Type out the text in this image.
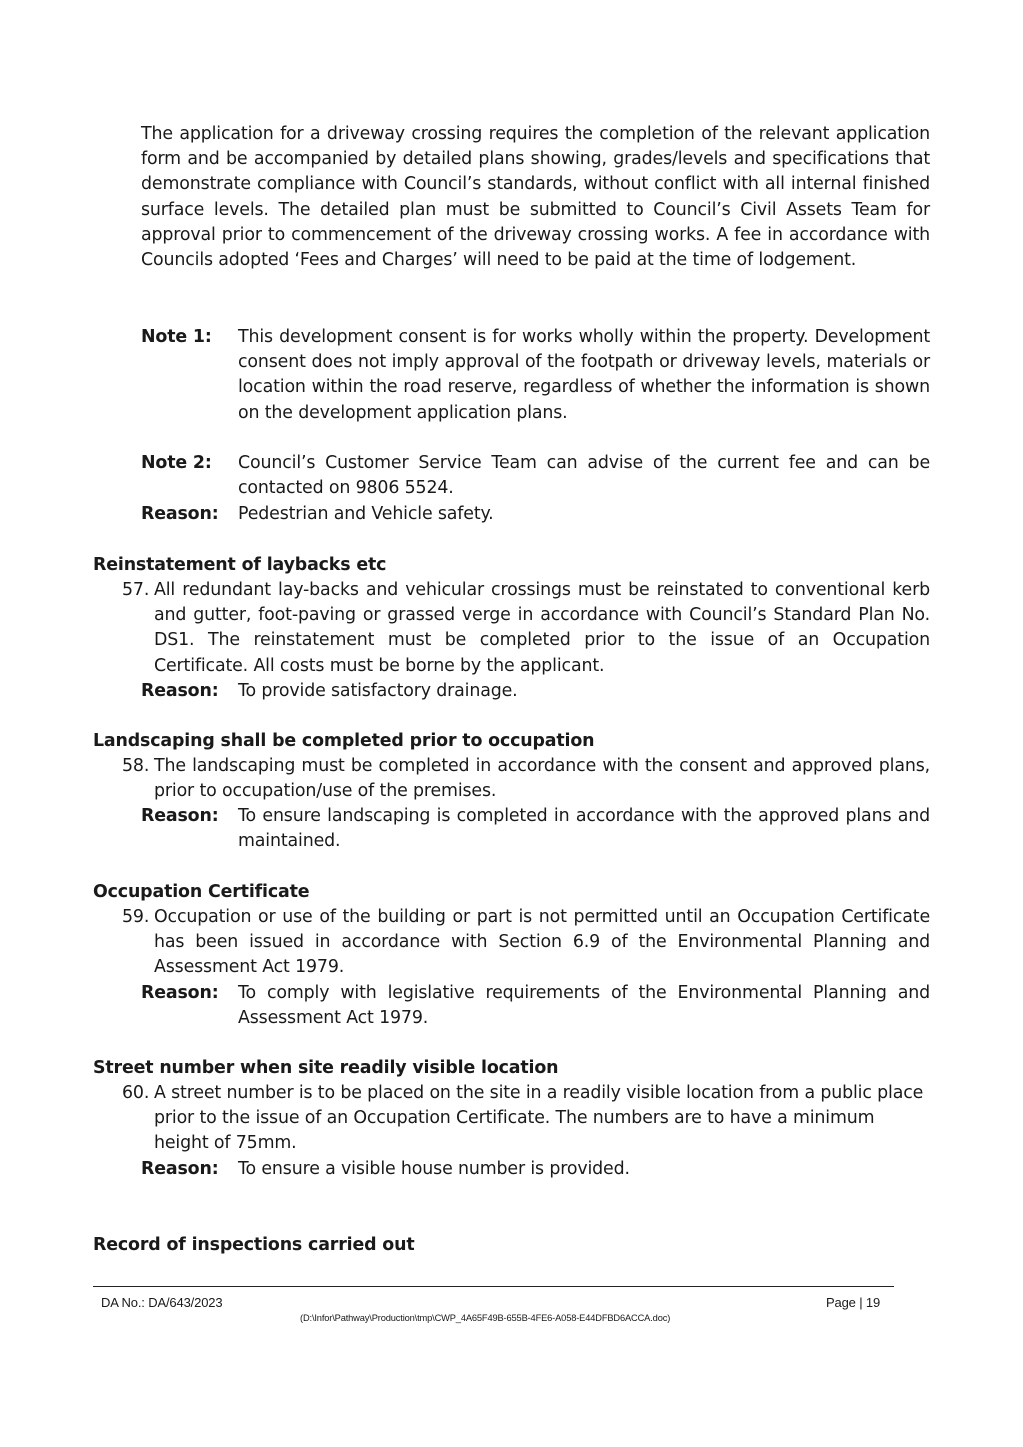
The application for a driveway crossing requires the completion of the relevant application form and be accompanied by detailed plans showing, grades/levels and specifications that demonstrate compliance with Council’s standards, without conflict with all internal finished surface levels. The detailed plan must be submitted to Council’s Civil Assets Team for approval prior to commencement of the driveway crossing works. A fee in accordance with Councils adopted ‘Fees and Charges’ will need to be paid at the time of lodgement.

Note 1: This development consent is for works wholly within the property. Development consent does not imply approval of the footpath or driveway levels, materials or location within the road reserve, regardless of whether the information is shown on the development application plans.
Note 2: Council’s Customer Service Team can advise of the current fee and can be contacted on 9806 5524.
Reason: Pedestrian and Vehicle safety.
Reinstatement of laybacks etc
57. All redundant lay-backs and vehicular crossings must be reinstated to conventional kerb and gutter, foot-paving or grassed verge in accordance with Council’s Standard Plan No. DS1. The reinstatement must be completed prior to the issue of an Occupation Certificate. All costs must be borne by the applicant.
Reason: To provide satisfactory drainage.
Landscaping shall be completed prior to occupation
58. The landscaping must be completed in accordance with the consent and approved plans, prior to occupation/use of the premises.
Reason: To ensure landscaping is completed in accordance with the approved plans and maintained.
Occupation Certificate
59. Occupation or use of the building or part is not permitted until an Occupation Certificate has been issued in accordance with Section 6.9 of the Environmental Planning and Assessment Act 1979.
Reason: To comply with legislative requirements of the Environmental Planning and Assessment Act 1979.
Street number when site readily visible location
60. A street number is to be placed on the site in a readily visible location from a public place prior to the issue of an Occupation Certificate. The numbers are to have a minimum height of 75mm.
Reason: To ensure a visible house number is provided.
Record of inspections carried out
DA No.: DA/643/2023	Page | 19
(D:\Infor\Pathway\Production\tmp\CWP_4A65F49B-655B-4FE6-A058-E44DFBD6ACCA.doc)
